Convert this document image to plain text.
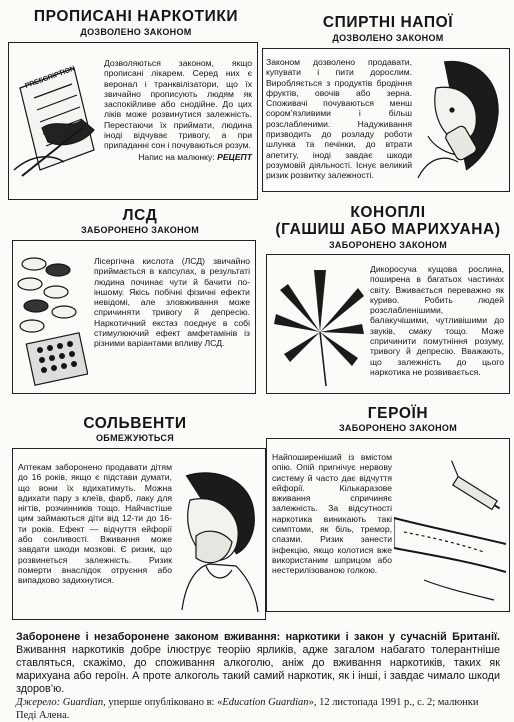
ПРОПИСАНІ НАРКОТИКИ
ДОЗВОЛЕНО ЗАКОНОМ
PRESCRIPTION

Дозволяються законом, якщо прописані лікарем. Серед них є веронал і транквілізатори, що їх звичайно прописують людям як заспокійливе або снодійне. До цих ліків може розвинутися залежність. Перестаючи їх приймати, людина іноді відчуває тривогу, а при припаданні сон і почуваються розум.

Напис на малюнку: РЕЦЕПТ

СПИРТНІ НАПОЇ
ДОЗВОЛЕНО ЗАКОНОМ
Законом дозволено продавати, купувати і пити дорослим. Виробляється з продуктів бродіння фруктів, овочів або зерна. Споживачі почуваються менш сором’язливими і більш розслабленими. Надуживання призводить до розладу роботи шлунка та печінки, до втрати апетиту, іноді завдає шкоди розумовій діяльності. Існує великий ризик розвитку залежності.
ЛСД
ЗАБОРОНЕНО ЗАКОНОМ
Лісергічна кислота (ЛСД) звичайно приймається в капсулах, в результаті людина починає чути й бачити по-іншому. Якісь побічні фізичні ефекти невідомі, але зловживання може спричиняти тривогу й депресію. Наркотичний екстаз поєднує в собі стимулюючий ефект амфетамінів із різними варіантами впливу ЛСД.
КОНОПЛІ
(ГАШИШ АБО МАРИХУАНА)
ЗАБОРОНЕНО ЗАКОНОМ
Дикоросуча кущова рослина, поширена в багатьох частинах світу. Вживається переважно як куриво. Робить людей розслабленішими, балакучішими, чутливішими до звуків, смаку тощо. Може спричинити помутніння розуму, тривогу й депресію. Вважають, що залежність до цього наркотика не розвивається.
СОЛЬВЕНТИ
ОБМЕЖУЮТЬСЯ
Аптекам заборонено продавати дітям до 16 років, якщо є підстави думати, що вони їх вдихатимуть. Можна вдихати пару з клеїв, фарб, лаку для нігтів, розчинників тощо. Найчастіше цим займаються діти від 12-ти до 16-ти років. Ефект — відчуття ейфорії або сонливості. Вживання може завдати шкоди мозкові. Є ризик, що розвинеться залежність. Ризик померти внаслідок отруєння або випадково задихнутися.
ГЕРОЇН
ЗАБОРОНЕНО ЗАКОНОМ
Найпоширеніший із вмістом опію. Опій пригнічує нервову систему й часто дає відчуття ейфорії. Кількаразове вживання спричиняє залежність. За відсутності наркотика виникають такі симптоми, як біль, тремор, спазми. Ризик занести інфекцію, якщо колотися вже використаним шприцом або нестерилізованою голкою.
Заборонене і незаборонене законом вживання: наркотики і закон у сучасній Британії. Вживання наркотиків добре ілюструє теорію ярликів, адже загалом набагато толерантніше ставляться, скажімо, до споживання алкоголю, аніж до вживання наркотиків, таких як марихуана або героїн. А проте алкоголь такий самий наркотик, як і інші, і завдає чимало шкоди здоров’ю.
Джерело: Guardian, уперше опубліковано в: «Education Guardian», 12 листопада 1991 р., с. 2; малюнки Педі Алена.
